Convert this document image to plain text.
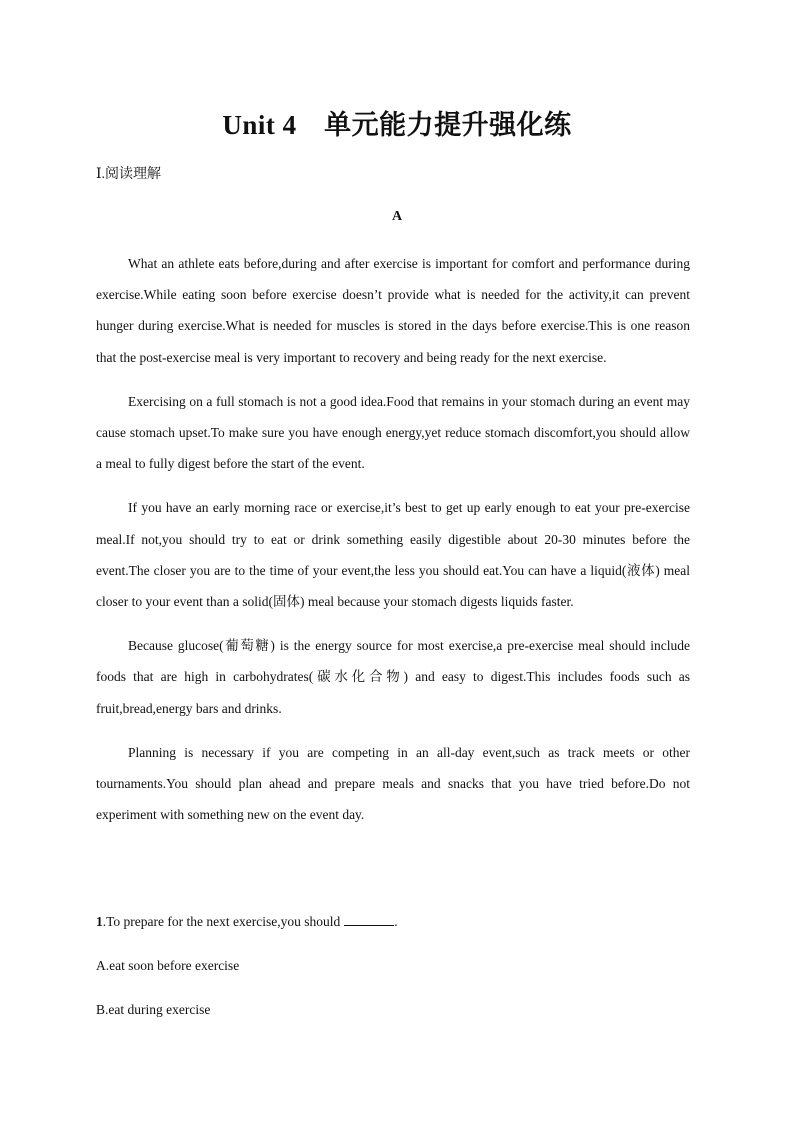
Unit 4　单元能力提升强化练
Ⅰ.阅读理解
A

What an athlete eats before,during and after exercise is important for comfort and performance during exercise.While eating soon before exercise doesn’t provide what is needed for the activity,it can prevent hunger during exercise.What is needed for muscles is stored in the days before exercise.This is one reason that the post-exercise meal is very important to recovery and being ready for the next exercise.

Exercising on a full stomach is not a good idea.Food that remains in your stomach during an event may cause stomach upset.To make sure you have enough energy,yet reduce stomach discomfort,you should allow a meal to fully digest before the start of the event.

If you have an early morning race or exercise,it’s best to get up early enough to eat your pre-exercise meal.If not,you should try to eat or drink something easily digestible about 20-30 minutes before the event.The closer you are to the time of your event,the less you should eat.You can have a liquid(液体) meal closer to your event than a solid(固体) meal because your stomach digests liquids faster.

Because glucose(葡萄糖) is the energy source for most exercise,a pre-exercise meal should include foods that are high in carbohydrates(碳水化合物) and easy to digest.This includes foods such as fruit,bread,energy bars and drinks.

Planning is necessary if you are competing in an all-day event,such as track meets or other tournaments.You should plan ahead and prepare meals and snacks that you have tried before.Do not experiment with something new on the event day.

1.To prepare for the next exercise,you should	.
A.eat soon before exercise
B.eat during exercise
